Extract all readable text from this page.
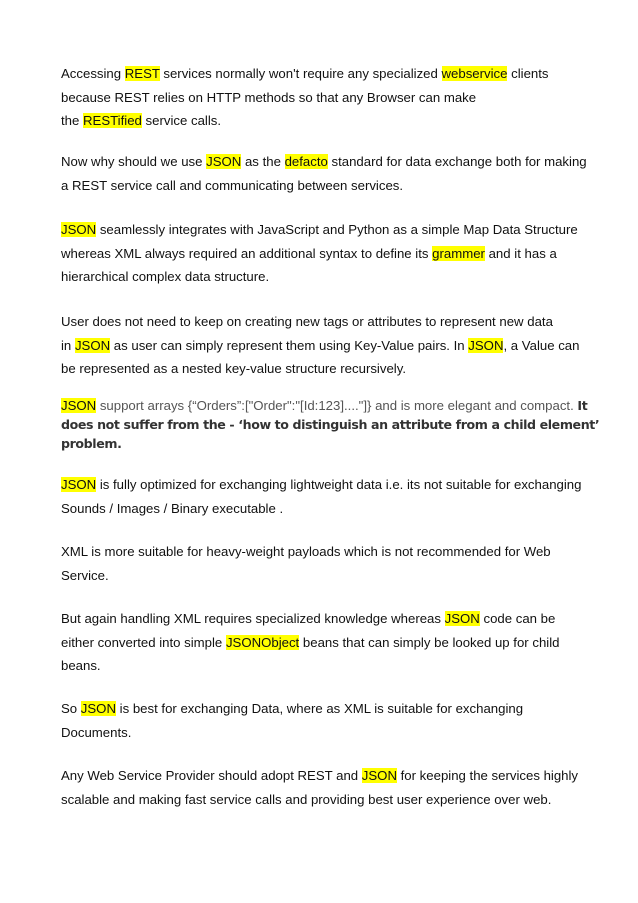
Accessing REST services normally won't require any specialized webservice clients
because REST relies on HTTP methods so that any Browser can make
the RESTified service calls.
Now why should we use JSON as the defacto standard for data exchange both for making
a REST service call and communicating between services.
JSON seamlessly integrates with JavaScript and Python as a simple Map Data Structure
whereas XML always required an additional syntax to define its grammer and it has a
hierarchical complex data structure.
User does not need to keep on creating new tags or attributes to represent new data
in JSON as user can simply represent them using Key-Value pairs. In JSON, a Value can
be represented as a nested key-value structure recursively.
JSON support arrays {“Orders”:["Order":"[Id:123]...."]} and is more elegant and compact. It
does not suffer from the - ‘how to distinguish an attribute from a child element’
problem.
JSON is fully optimized for exchanging lightweight data i.e. its not suitable for exchanging
Sounds / Images / Binary executable .
XML is more suitable for heavy-weight payloads which is not recommended for Web
Service.
But again handling XML requires specialized knowledge whereas JSON code can be
either converted into simple JSONObject beans that can simply be looked up for child
beans.
So JSON is best for exchanging Data, where as XML is suitable for exchanging
Documents.
Any Web Service Provider should adopt REST and JSON for keeping the services highly
scalable and making fast service calls and providing best user experience over web.
